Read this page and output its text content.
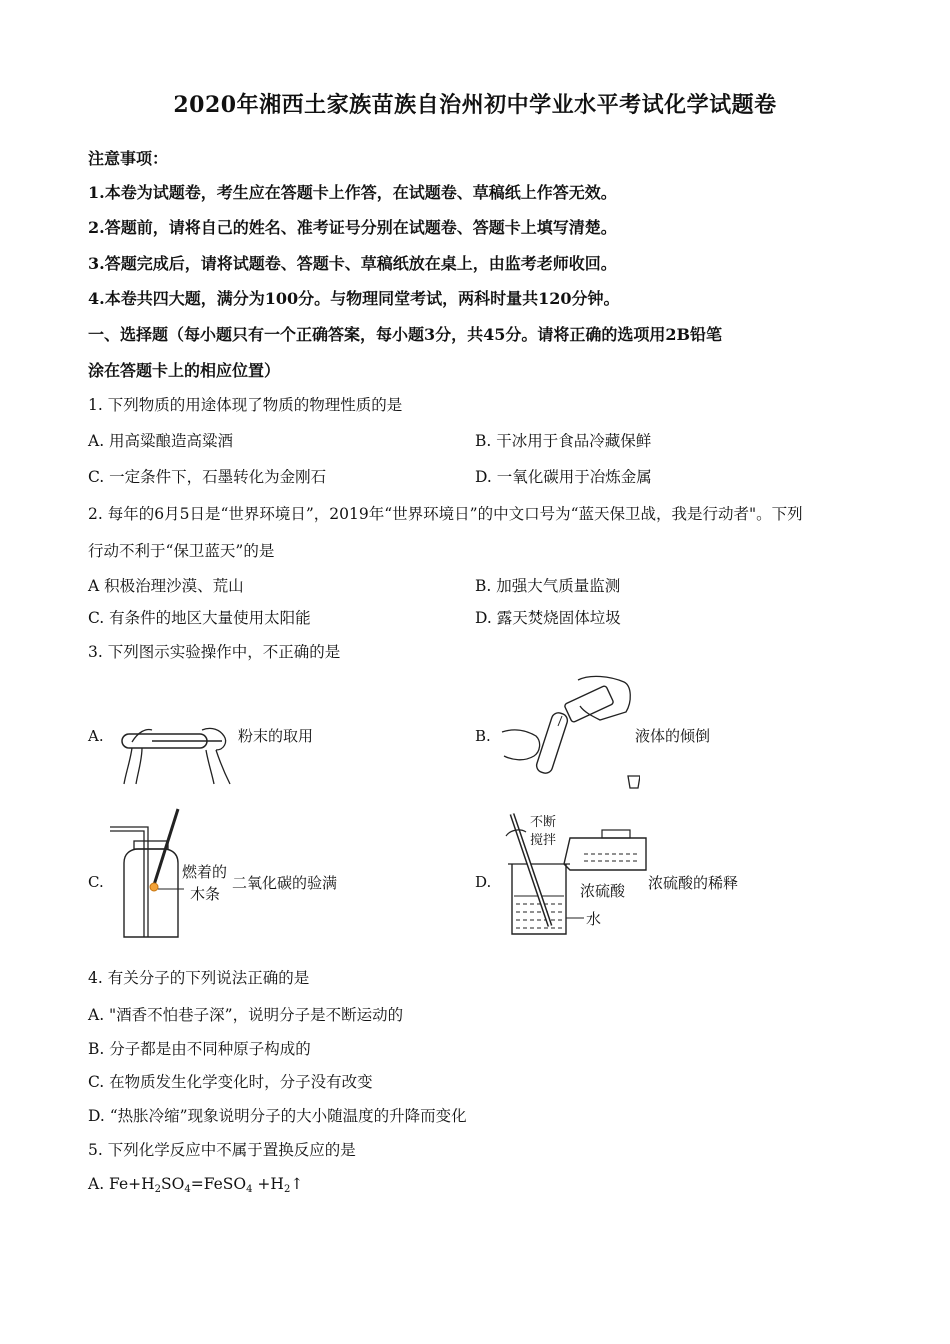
2020年湘西土家族苗族自治州初中学业水平考试化学试题卷
注意事项：
1.本卷为试题卷，考生应在答题卡上作答，在试题卷、草稿纸上作答无效。
2.答题前，请将自己的姓名、准考证号分别在试题卷、答题卡上填写清楚。
3.答题完成后，请将试题卷、答题卡、草稿纸放在桌上，由监考老师收回。
4.本卷共四大题，满分为100分。与物理同堂考试，两科时量共120分钟。
一、选择题（每小题只有一个正确答案，每小题3分，共45分。请将正确的选项用2B铅笔
涂在答题卡上的相应位置）
1. 下列物质的用途体现了物质的物理性质的是
A. 用高粱酿造高粱酒	B. 干冰用于食品冷藏保鲜
C. 一定条件下，石墨转化为金刚石	D. 一氧化碳用于冶炼金属
2. 每年的6月5日是“世界环境日”，2019年“世界环境日”的中文口号为“蓝天保卫战，我是行动者"。下列
行动不利于“保卫蓝天”的是
A 积极治理沙漠、荒山	B. 加强大气质量监测
C. 有条件的地区大量使用太阳能	D. 露天焚烧固体垃圾
3. 下列图示实验操作中，不正确的是
A.	粉末的取用	B.	液体的倾倒
C.
燃着的
木条
二氧化碳的验满	D.
不断
搅拌
浓硫酸
水
浓硫酸的稀释
4. 有关分子的下列说法正确的是
A. "酒香不怕巷子深”，说明分子是不断运动的
B. 分子都是由不同种原子构成的
C. 在物质发生化学变化时，分子没有改变
D. “热胀冷缩”现象说明分子的大小随温度的升降而变化
5. 下列化学反应中不属于置换反应的是
A. $Fe+H_2SO_4=FeSO_4$ $+H_2↑$
